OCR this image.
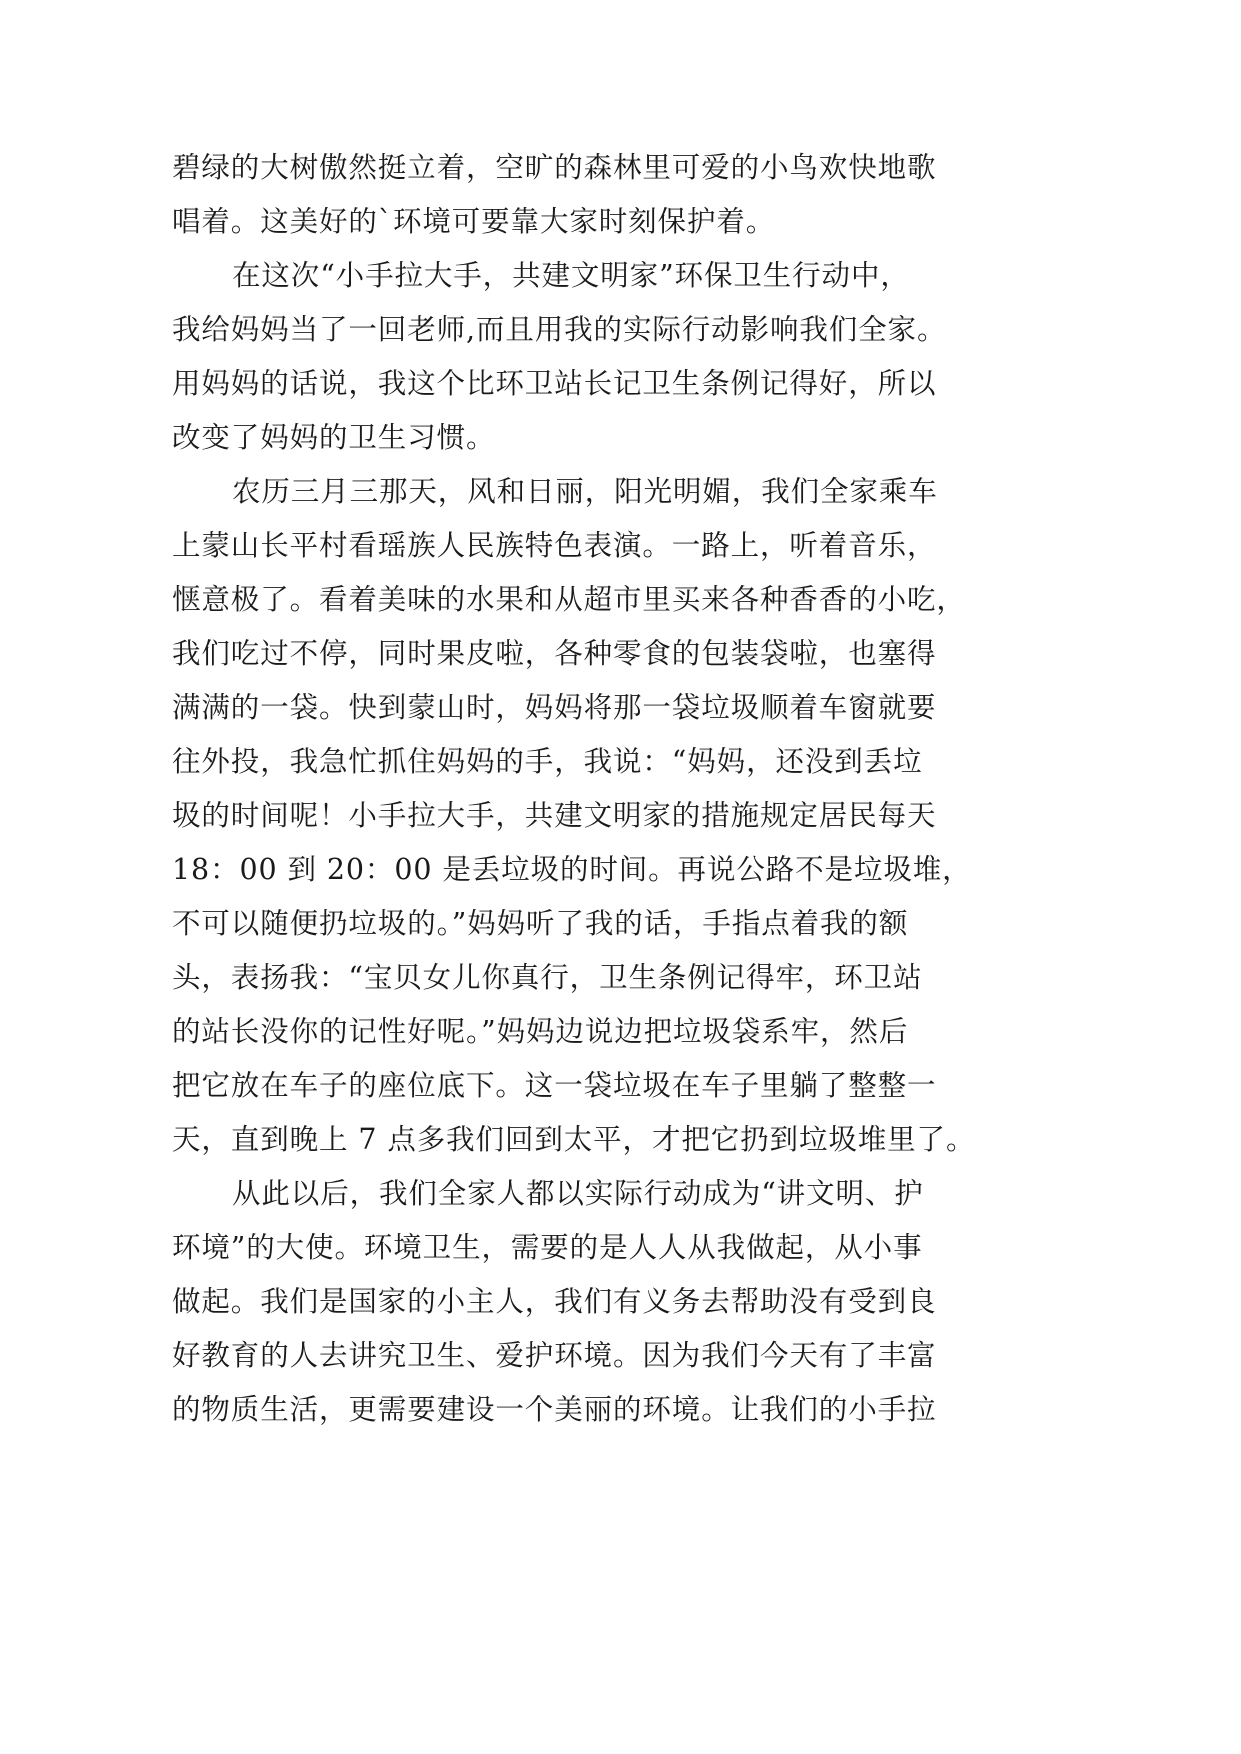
碧绿的大树傲然挺立着，空旷的森林里可爱的小鸟欢快地歌
唱着。这美好的`环境可要靠大家时刻保护着。
在这次“小手拉大手，共建文明家”环保卫生行动中，
我给妈妈当了一回老师,而且用我的实际行动影响我们全家。
用妈妈的话说，我这个比环卫站长记卫生条例记得好，所以
改变了妈妈的卫生习惯。
农历三月三那天，风和日丽，阳光明媚，我们全家乘车
上蒙山长平村看瑶族人民族特色表演。一路上，听着音乐，
惬意极了。看着美味的水果和从超市里买来各种香香的小吃，
我们吃过不停，同时果皮啦，各种零食的包装袋啦，也塞得
满满的一袋。快到蒙山时，妈妈将那一袋垃圾顺着车窗就要
往外投，我急忙抓住妈妈的手，我说：“妈妈，还没到丢垃
圾的时间呢！小手拉大手，共建文明家的措施规定居民每天
18：00 到 20：00 是丢垃圾的时间。再说公路不是垃圾堆，
不可以随便扔垃圾的。”妈妈听了我的话，手指点着我的额
头，表扬我：“宝贝女儿你真行，卫生条例记得牢，环卫站
的站长没你的记性好呢。”妈妈边说边把垃圾袋系牢，然后
把它放在车子的座位底下。这一袋垃圾在车子里躺了整整一
天，直到晚上 7 点多我们回到太平，才把它扔到垃圾堆里了。
从此以后，我们全家人都以实际行动成为“讲文明、护
环境”的大使。环境卫生，需要的是人人从我做起，从小事
做起。我们是国家的小主人，我们有义务去帮助没有受到良
好教育的人去讲究卫生、爱护环境。因为我们今天有了丰富
的物质生活，更需要建设一个美丽的环境。让我们的小手拉
